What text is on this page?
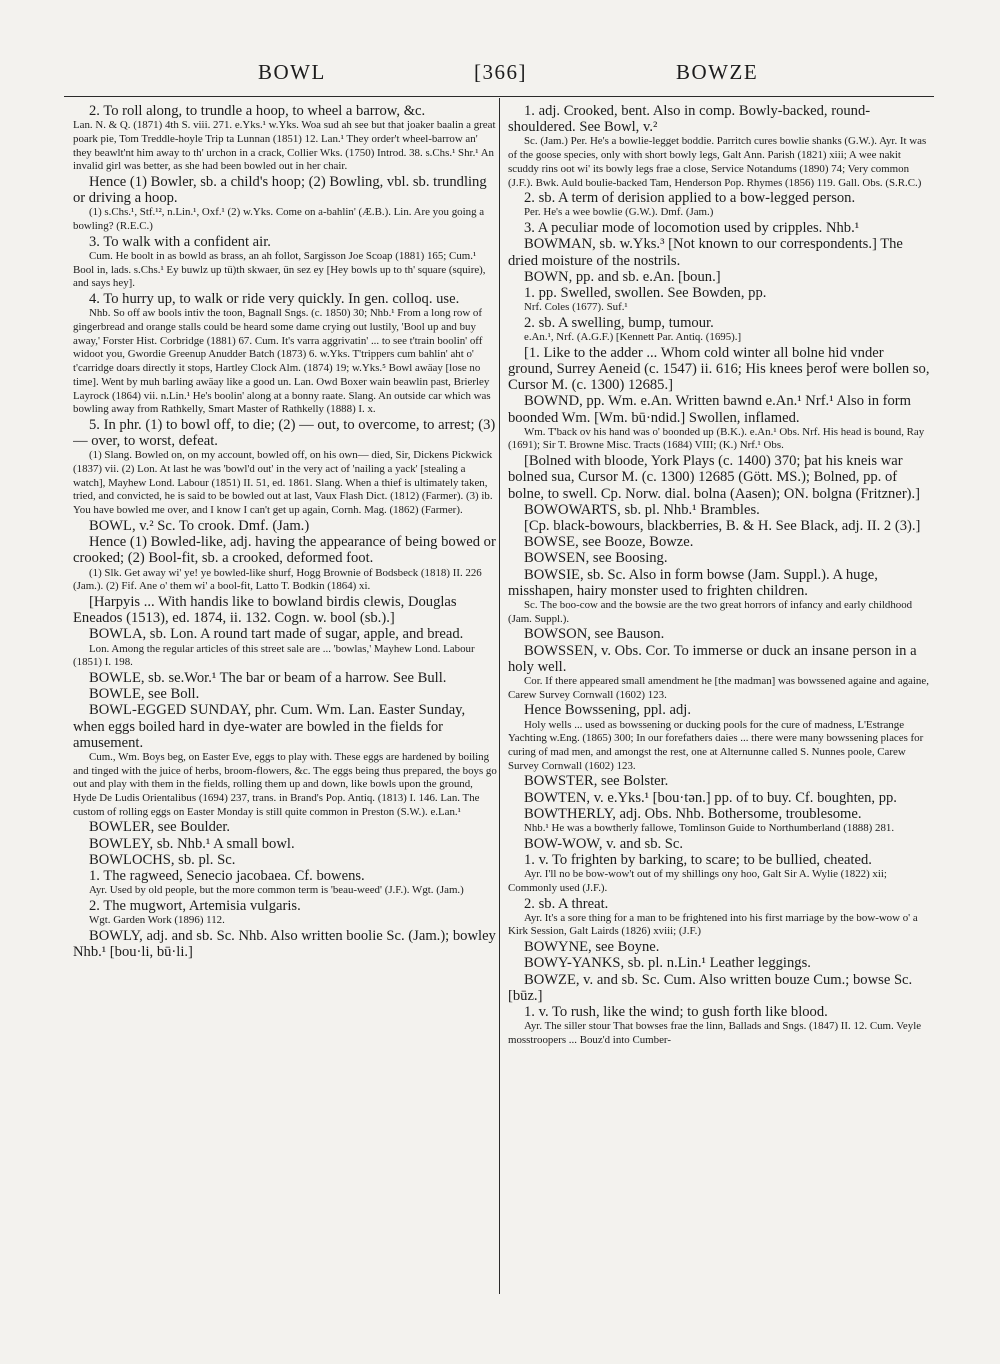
BOWL	[366]	BOWZE

2. To roll along, to trundle a hoop, to wheel a barrow, &c.

Lan. N. & Q. (1871) 4th S. viii. 271. e.Yks.¹ w.Yks. Woa sud ah see but that joaker baalin a great poark pie, Tom Treddle-hoyle Trip ta Lunnan (1851) 12. Lan.¹ They order't wheel-barrow an' they beawlt'nt him away to th' urchon in a crack, Collier Wks. (1750) Introd. 38. s.Chs.¹ Shr.¹ An invalid girl was better, as she had been bowled out in her chair.

Hence (1) Bowler, sb. a child's hoop; (2) Bowling, vbl. sb. trundling or driving a hoop.

(1) s.Chs.¹, Stf.¹², n.Lin.¹, Oxf.¹ (2) w.Yks. Come on a-bahlin' (Æ.B.). Lin. Are you going a bowling? (R.E.C.)

3. To walk with a confident air.

Cum. He boolt in as bowld as brass, an ah follot, Sargisson Joe Scoap (1881) 165; Cum.¹ Bool in, lads. s.Chs.¹ Ey buwlz up tü)th skwaer, ün sez ey [Hey bowls up to th' square (squire), and says hey].

4. To hurry up, to walk or ride very quickly. In gen. colloq. use.

Nhb. So off aw bools intiv the toon, Bagnall Sngs. (c. 1850) 30; Nhb.¹ From a long row of gingerbread and orange stalls could be heard some dame crying out lustily, 'Bool up and buy away,' Forster Hist. Corbridge (1881) 67. Cum. It's varra aggrivatin' ... to see t'train boolin' off widoot you, Gwordie Greenup Anudder Batch (1873) 6. w.Yks. T'trippers cum bahlin' aht o' t'carridge doars directly it stops, Hartley Clock Alm. (1874) 19; w.Yks.⁵ Bowl awäay [lose no time]. Went by muh barling awäay like a good un. Lan. Owd Boxer wain beawlin past, Brierley Layrock (1864) vii. n.Lin.¹ He's boolin' along at a bonny raate. Slang. An outside car which was bowling away from Rathkelly, Smart Master of Rathkelly (1888) I. x.

5. In phr. (1) to bowl off, to die; (2) — out, to overcome, to arrest; (3) — over, to worst, defeat.

(1) Slang. Bowled on, on my account, bowled off, on his own— died, Sir, Dickens Pickwick (1837) vii. (2) Lon. At last he was 'bowl'd out' in the very act of 'nailing a yack' [stealing a watch], Mayhew Lond. Labour (1851) II. 51, ed. 1861. Slang. When a thief is ultimately taken, tried, and convicted, he is said to be bowled out at last, Vaux Flash Dict. (1812) (Farmer). (3) ib. You have bowled me over, and I know I can't get up again, Cornh. Mag. (1862) (Farmer).

BOWL, v.² Sc. To crook. Dmf. (Jam.)

Hence (1) Bowled-like, adj. having the appearance of being bowed or crooked; (2) Bool-fit, sb. a crooked, deformed foot.

(1) Slk. Get away wi' ye! ye bowled-like shurf, Hogg Brownie of Bodsbeck (1818) II. 226 (Jam.). (2) Fif. Ane o' them wi' a bool-fit, Latto T. Bodkin (1864) xi.

[Harpyis ... With handis like to bowland birdis clewis, Douglas Eneados (1513), ed. 1874, ii. 132. Cogn. w. bool (sb.).]

BOWLA, sb. Lon. A round tart made of sugar, apple, and bread.

Lon. Among the regular articles of this street sale are ... 'bowlas,' Mayhew Lond. Labour (1851) I. 198.

BOWLE, sb. se.Wor.¹ The bar or beam of a harrow. See Bull.

BOWLE, see Boll.

BOWL-EGGED SUNDAY, phr. Cum. Wm. Lan. Easter Sunday, when eggs boiled hard in dye-water are bowled in the fields for amusement.

Cum., Wm. Boys beg, on Easter Eve, eggs to play with. These eggs are hardened by boiling and tinged with the juice of herbs, broom-flowers, &c. The eggs being thus prepared, the boys go out and play with them in the fields, rolling them up and down, like bowls upon the ground, Hyde De Ludis Orientalibus (1694) 237, trans. in Brand's Pop. Antiq. (1813) I. 146. Lan. The custom of rolling eggs on Easter Monday is still quite common in Preston (S.W.). e.Lan.¹

BOWLER, see Boulder.

BOWLEY, sb. Nhb.¹ A small bowl.

BOWLOCHS, sb. pl. Sc.

1. The ragweed, Senecio jacobaea. Cf. bowens.

Ayr. Used by old people, but the more common term is 'beau-weed' (J.F.). Wgt. (Jam.)

2. The mugwort, Artemisia vulgaris.

Wgt. Garden Work (1896) 112.

BOWLY, adj. and sb. Sc. Nhb. Also written boolie Sc. (Jam.); bowley Nhb.¹ [bou·li, bū·li.]

1. adj. Crooked, bent. Also in comp. Bowly-backed, round-shouldered. See Bowl, v.²

Sc. (Jam.) Per. He's a bowlie-legget boddie. Parritch cures bowlie shanks (G.W.). Ayr. It was of the goose species, only with short bowly legs, Galt Ann. Parish (1821) xiii; A wee nakit scuddy rins oot wi' its bowly legs frae a close, Service Notandums (1890) 74; Very common (J.F.). Bwk. Auld boulie-backed Tam, Henderson Pop. Rhymes (1856) 119. Gall. Obs. (S.R.C.)

2. sb. A term of derision applied to a bow-legged person.

Per. He's a wee bowlie (G.W.). Dmf. (Jam.)

3. A peculiar mode of locomotion used by cripples. Nhb.¹

BOWMAN, sb. w.Yks.³ [Not known to our correspondents.] The dried moisture of the nostrils.

BOWN, pp. and sb. e.An. [boun.]

1. pp. Swelled, swollen. See Bowden, pp.

Nrf. Coles (1677). Suf.¹

2. sb. A swelling, bump, tumour.

e.An.¹, Nrf. (A.G.F.) [Kennett Par. Antiq. (1695).]

[1. Like to the adder ... Whom cold winter all bolne hid vnder ground, Surrey Aeneid (c. 1547) ii. 616; His knees þerof were bollen so, Cursor M. (c. 1300) 12685.]

BOWND, pp. Wm. e.An. Written bawnd e.An.¹ Nrf.¹ Also in form boonded Wm. [Wm. bū·ndid.] Swollen, inflamed.

Wm. T'back ov his hand was o' boonded up (B.K.). e.An.¹ Obs. Nrf. His head is bound, Ray (1691); Sir T. Browne Misc. Tracts (1684) VIII; (K.) Nrf.¹ Obs.

[Bolned with bloode, York Plays (c. 1400) 370; þat his kneis war bolned sua, Cursor M. (c. 1300) 12685 (Gött. MS.); Bolned, pp. of bolne, to swell. Cp. Norw. dial. bolna (Aasen); ON. bolgna (Fritzner).]

BOWOWARTS, sb. pl. Nhb.¹ Brambles.

[Cp. black-bowours, blackberries, B. & H. See Black, adj. II. 2 (3).]

BOWSE, see Booze, Bowze.

BOWSEN, see Boosing.

BOWSIE, sb. Sc. Also in form bowse (Jam. Suppl.). A huge, misshapen, hairy monster used to frighten children.

Sc. The boo-cow and the bowsie are the two great horrors of infancy and early childhood (Jam. Suppl.).

BOWSON, see Bauson.

BOWSSEN, v. Obs. Cor. To immerse or duck an insane person in a holy well.

Cor. If there appeared small amendment he [the madman] was bowssened againe and againe, Carew Survey Cornwall (1602) 123.

Hence Bowssening, ppl. adj.

Holy wells ... used as bowssening or ducking pools for the cure of madness, L'Estrange Yachting w.Eng. (1865) 300; In our forefathers daies ... there were many bowssening places for curing of mad men, and amongst the rest, one at Alternunne called S. Nunnes poole, Carew Survey Cornwall (1602) 123.

BOWSTER, see Bolster.

BOWTEN, v. e.Yks.¹ [bou·tən.] pp. of to buy. Cf. boughten, pp.

BOWTHERLY, adj. Obs. Nhb. Bothersome, troublesome.

Nhb.¹ He was a bowtherly fallowe, Tomlinson Guide to Northumberland (1888) 281.

BOW-WOW, v. and sb. Sc.

1. v. To frighten by barking, to scare; to be bullied, cheated.

Ayr. I'll no be bow-wow't out of my shillings ony hoo, Galt Sir A. Wylie (1822) xii; Commonly used (J.F.).

2. sb. A threat.

Ayr. It's a sore thing for a man to be frightened into his first marriage by the bow-wow o' a Kirk Session, Galt Lairds (1826) xviii; (J.F.)

BOWYNE, see Boyne.

BOWY-YANKS, sb. pl. n.Lin.¹ Leather leggings.

BOWZE, v. and sb. Sc. Cum. Also written bouze Cum.; bowse Sc. [būz.]

1. v. To rush, like the wind; to gush forth like blood.

Ayr. The siller stour That bowses frae the linn, Ballads and Sngs. (1847) II. 12. Cum. Veyle mosstroopers ... Bouz'd into Cumber-
